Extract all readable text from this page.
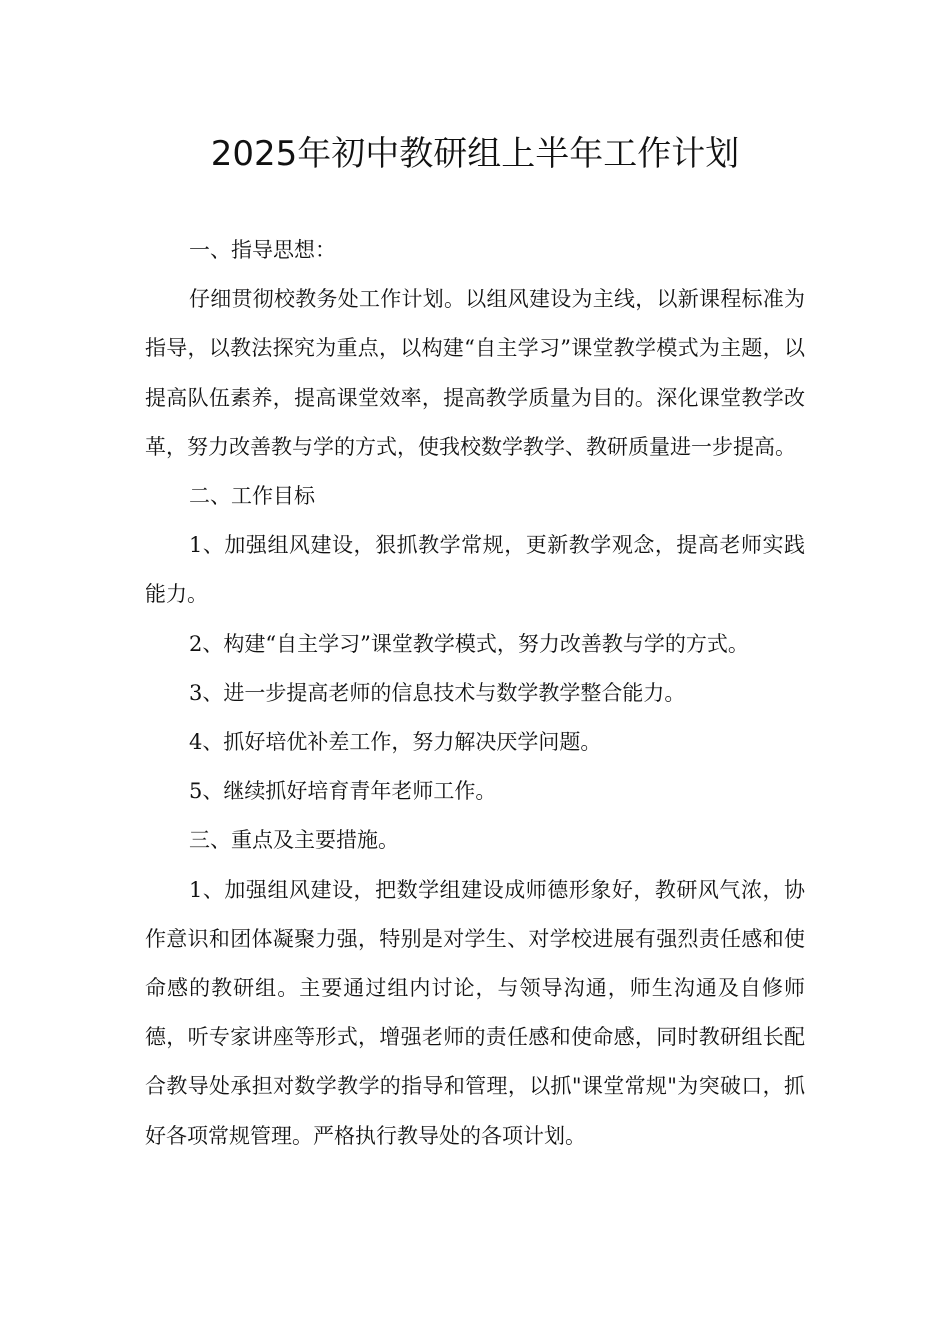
2025年初中教研组上半年工作计划

一、指导思想：

仔细贯彻校教务处工作计划。以组风建设为主线，以新课程标准为指导，以教法探究为重点，以构建“自主学习”课堂教学模式为主题，以提高队伍素养，提高课堂效率，提高教学质量为目的。深化课堂教学改革，努力改善教与学的方式，使我校数学教学、教研质量进一步提高。

二、工作目标

1、加强组风建设，狠抓教学常规，更新教学观念，提高老师实践能力。

2、构建“自主学习”课堂教学模式，努力改善教与学的方式。

3、进一步提高老师的信息技术与数学教学整合能力。

4、抓好培优补差工作，努力解决厌学问题。

5、继续抓好培育青年老师工作。

三、重点及主要措施。

1、加强组风建设，把数学组建设成师德形象好，教研风气浓，协作意识和团体凝聚力强，特别是对学生、对学校进展有强烈责任感和使命感的教研组。主要通过组内讨论，与领导沟通，师生沟通及自修师德，听专家讲座等形式，增强老师的责任感和使命感，同时教研组长配合教导处承担对数学教学的指导和管理，以抓"课堂常规"为突破口，抓好各项常规管理。严格执行教导处的各项计划。
